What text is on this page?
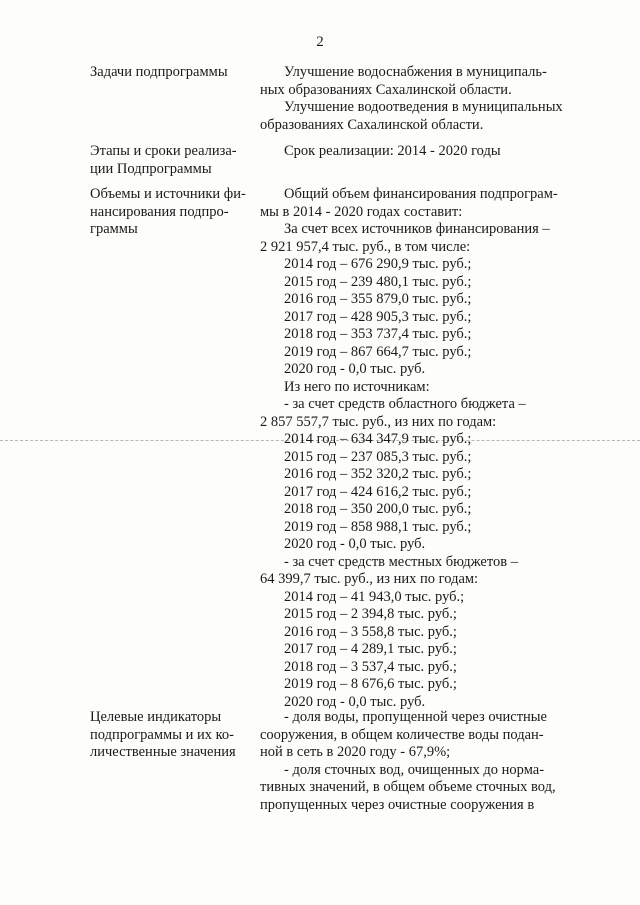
2
Задачи подпрограммы	Улучшение водоснабжения в муниципаль-
ных образованиях Сахалинской области.
Улучшение водоотведения в муниципальных
образованиях Сахалинской области.
Этапы и сроки реализа-
ции Подпрограммы
Срок реализации: 2014 - 2020 годы
Объемы и источники фи-
нансирования подпро-
граммы
Общий объем финансирования подпрограм-
мы в 2014 - 2020 годах составит:
За счет всех источников финансирования –
2 921 957,4 тыс. руб., в том числе:
2014 год – 676 290,9 тыс. руб.;
2015 год – 239 480,1 тыс. руб.;
2016 год – 355 879,0 тыс. руб.;
2017 год – 428 905,3 тыс. руб.;
2018 год – 353 737,4 тыс. руб.;
2019 год – 867 664,7 тыс. руб.;
2020 год - 0,0 тыс. руб.
Из него по источникам:
- за счет средств областного бюджета –
2 857 557,7 тыс. руб., из них по годам:
2014 год – 634 347,9 тыс. руб.;
2015 год – 237 085,3 тыс. руб.;
2016 год – 352 320,2 тыс. руб.;
2017 год – 424 616,2 тыс. руб.;
2018 год – 350 200,0 тыс. руб.;
2019 год – 858 988,1 тыс. руб.;
2020 год - 0,0 тыс. руб.
- за счет средств местных бюджетов –
64 399,7 тыс. руб., из них по годам:
2014 год – 41 943,0 тыс. руб.;
2015 год – 2 394,8 тыс. руб.;
2016 год – 3 558,8 тыс. руб.;
2017 год – 4 289,1 тыс. руб.;
2018 год – 3 537,4 тыс. руб.;
2019 год – 8 676,6 тыс. руб.;
2020 год - 0,0 тыс. руб.
Целевые индикаторы
подпрограммы и их ко-
личественные значения
- доля воды, пропущенной через очистные
сооружения, в общем количестве воды подан-
ной в сеть в 2020 году - 67,9%;
- доля сточных вод, очищенных до норма-
тивных значений, в общем объеме сточных вод,
пропущенных через очистные сооружения в
